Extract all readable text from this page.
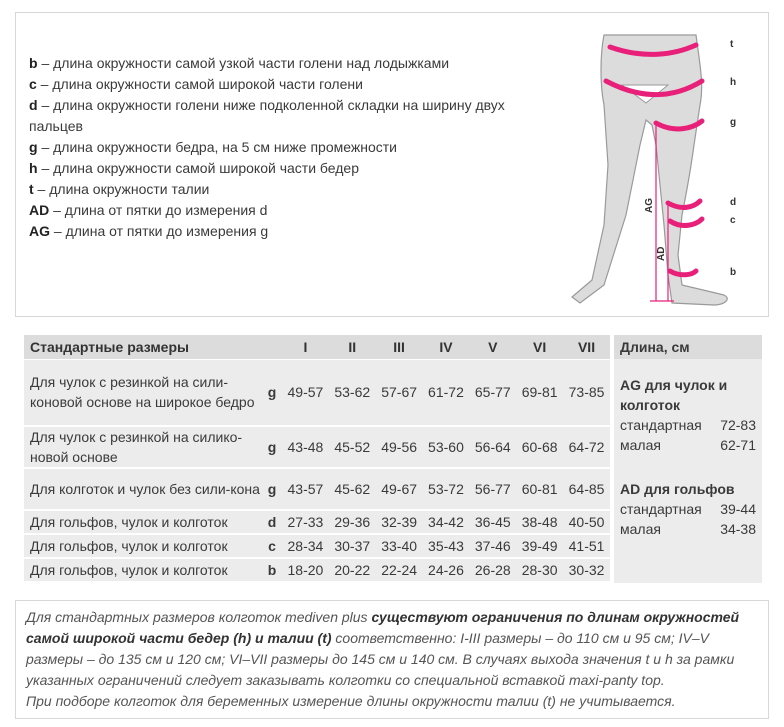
b – длина окружности самой узкой части голени над лодыжками
c – длина окружности самой широкой части голени
d – длина окружности голени ниже подколенной складки на ширину двух пальцев
g – длина окружности бедра, на 5 см ниже промежности
h – длина окружности самой широкой части бедер
t – длина окружности талии
AD – длина от пятки до измерения d
AG – длина от пятки до измерения g
t
h
g
d
c
b
AG
AD
Стандартные размеры		I	II	III	IV	V	VI	VII
Для чулок с резинкой на сили-коновой основе на широкое бедро	g	49-57	53-62	57-67	61-72	65-77	69-81	73-85
Для чулок с резинкой на силико-новой основе	g	43-48	45-52	49-56	53-60	56-64	60-68	64-72
Для колготок и чулок без сили-кона	g	43-57	45-62	49-67	53-72	56-77	60-81	64-85
Для гольфов, чулок и колготок	d	27-33	29-36	32-39	34-42	36-45	38-48	40-50
Для гольфов, чулок и колготок	c	28-34	30-37	33-40	35-43	37-46	39-49	41-51
Для гольфов, чулок и колготок	b	18-20	20-22	22-24	24-26	26-28	28-30	30-32
Длина, см
AG для чулок и колготок
стандартная 72-83
малая	62-71
AD для гольфов
стандартная 39-44
малая	34-38
Для стандартных размеров колготок mediven plus существуют ограничения по длинам окружностей самой широкой части бедер (h) и талии (t) соответственно: I-III размеры – до 110 см и 95 см; IV–V размеры – до 135 см и 120 см; VI–VII размеры до 145 см и 140 см. В случаях выхода значения t и h за рамки указанных ограничений следует заказывать колготки со специальной вставкой maxi-panty top.
При подборе колготок для беременных измерение длины окружности талии (t) не учитывается.
